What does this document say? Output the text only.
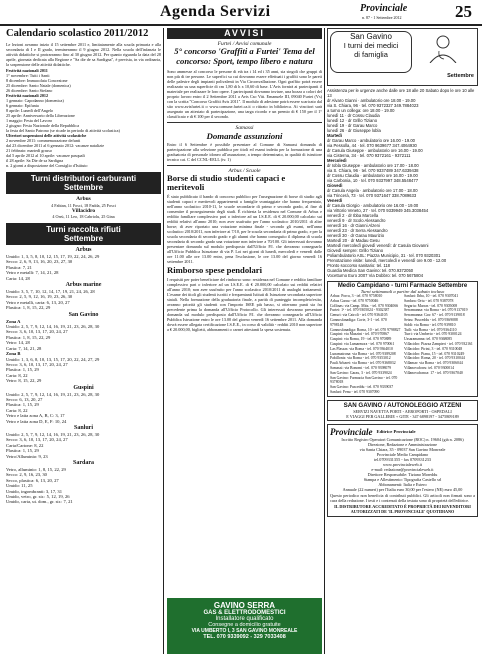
Agenda Servizi	Provinciale
n. 87 - 1 Settembre 2012	25
Calendario scolastico 2011/2012

Le lezioni avranno inizio il 15 settembre 2011 e, limitatamente alla scuola primaria e alla secondaria di I e II grado, termineranno il 9 giugno 2012. Nella scuola dell'infanzia le attività didattiche si protrarranno fino al 30 giugno 2012. Per quanto riguarda la data del 28 aprile, giornata dedicata alla Regione e "Sa die de sa Sardigna", è prevista, in via ordinaria, la sospensione delle attività didattiche.

Festività nazionali 2011
1° novembre: Tutti i Santi
8 dicembre: Immacolata Concezione
25 dicembre: Santo Natale (domenica)
26 dicembre: Santo Stefano
Festività nazionali 2012
1 gennaio: Capodanno (domenica)
6 gennaio: Epifania
8 aprile: Lunedì dell'Angelo
25 aprile: Anniversario della Liberazione
1 maggio: Festa del Lavoro
2 giugno: Festa Nazionale della Repubblica
la festa del Santo Patrono (se ricade in periodo di attività scolastica)
Ulteriori sospensioni delle attività scolastiche
2 novembre 2011: commemorazione defunti
dal 23 dicembre 2011 al 6 gennaio 2012: vacanze natalizie
21 febbraio: martedì grasso
dal 5 aprile 2012 al 10 aprile: vacanze pasquali
il 28 aprile: Sa Die de sa Sardigna
n. 2 giorni a disposizione del Consiglio d'Istituto
Turni distributori carburanti
Settembre
Arbus
4 Fabian, 11 Fosci, 18 Fadda, 25 Fosci
Villacidro
4 Orrù, 11 Leo, 18 Cabriolu, 25 Gina
Turni raccolta rifiuti
Settembre
Arbus
Umido: 1, 3, 5, 8, 10, 12, 15, 17, 19, 22, 24, 26, 29
Secco: 2, 6, 9, 13, 16, 20, 23, 27, 30
Plastica: 7, 21
Vetro e metalli: 7, 14, 21, 28
Carta: 14, 28
Arbus marine
Umido: 3, 5, 7, 10, 12, 14, 17, 19, 21, 24, 26, 28
Secco: 2, 5, 9, 12, 16, 19, 23, 26, 30
Vetro e metalli, carta: 6, 13, 20, 27
Plastica: 1, 8, 15, 22, 29
San Gavino
Zona A
Umido: 2, 5, 7, 9, 12, 14, 16, 19, 21, 23, 26, 28, 30
Secco: 3, 6, 10, 13, 17, 20, 24, 27
Plastica: 1, 8, 15, 22, 29
Vetro: 14, 28
Carta: 7, 14, 21, 28
Zona B
Umido: 1, 3, 6, 8, 10, 13, 15, 17, 20, 22, 24, 27, 29
Secco: 3, 6, 10, 13, 17, 20, 24, 27
Plastica: 1, 15, 29
Carta: 8, 22
Vetro: 8, 15, 22, 29
Guspini
Umido: 2, 5, 7, 9, 12, 14, 16, 19, 21, 23, 26, 28, 30
Secco: 6, 13, 20, 27
Plastica: 1, 15, 29
Carta: 8, 22
Vetro e latta zona A, B, C: 3, 17
Vetro e latta zona D, E, F: 10, 24
Sanluri
Umido: 2, 5, 7, 9, 12, 14, 16, 19, 21, 23, 26, 28, 30
Secco: 3, 6, 10, 13, 17, 20, 24, 27
Carta/Cartone: 8, 22
Plastica: 1, 15, 29
Vetro/Alluminio: 9, 23
Sardara
Vetro, alluminio: 1, 8, 15, 22, 29
Secco: 2, 9, 16, 23, 30
Secco, plastica: 6, 13, 20, 27
Umido: 11, 25
Umido, ingombranti: 3, 17, 31
Umido, vetro, gr. str.: 5, 12, 19, 26
Umido, carta, ut. dom., gr. str.: 7, 21
AVVISI
Furtei / Avvisi comunale
5° concorso 'Graffiti a Furtei' Tema del concorso: Sport, tempo libero e natura

Sono ammesse al concorso le persone di età tra i 14 ed i 35 anni, sia singoli che gruppi di non più di tre persone. Le superfici su cui dovranno essere effettuati i graffiti sono le pareti delle palestre degli impianti polivalenti in Via Circonvallazione. Ogni graffito potrà essere realizzato su una superficie di cm 1,80 di h x 10,60 di base. L'Avis fornirà ai partecipanti il materiale per realizzare le loro opere. I partecipanti dovranno inviare, una bozza a colori del proprio lavoro entro il 2 Settembre 2011 a Avis Cso Vitt. Emanuele III, 09040 Furtei (Vs) con la scritta "Concorso Graffiti Avis 2011". Il modulo di adesione potrà essere scaricato dal sito www.avisfurtei.it o www.comune.furtei.ca.it o ritirato in biblioteca. Ai vincitori sarà assegnato un attestato di partecipazione, una targa ricordo e un premio di € 150 per il 1° classificato e di € 100 per il secondo.

Samassi
Domande assunzioni

Entro il 6 Settembre è possibile presentare al Comune di Samassi domanda di partecipazione alla selezione pubblica per titoli ed esami indetta per la formazione di una graduatoria di personale idoneo all'assunzione, a tempo determinato, in qualità di istruttore tecnico cat. C del CCNL-EELL (tv. 1)

Arbus / Scuole
Borse di studio studenti capaci e meritevoli

È stato pubblicato il bando di concorso pubblico per l'assegnazione di borse di studio agli studenti capaci e meritevoli appartenenti a famiglie svantaggiate che hanno frequentato, nell'anno scolastico 2010-11, le scuole secondarie di primo e secondo grado, al fine di consentire il proseguimento degli studi. È richiesta la residenza nel Comune di Arbus e reddito familiare complessivo pari o inferiore ad un I.S.E.E. di € 20.000,00 calcolato sui redditi relativi all'anno 2010; non aver usufruito per l'anno scolastico 2010/2011 di altre borse; di aver riportato una votazione minima finale - secondo gli esami, nell'anno scolastico 2010/2011, non inferiore ai 7/10, per le scuola secondaria di primo grado, e per la scuola secondaria di secondo grado e gli alunni che hanno conseguito il diploma di scuola secondaria di secondo grado una votazione non inferiore a 70/100. Gli interessati dovranno presentare domanda sul modulo predisposto dall'Ufficio P.I. che dovranno consegnarlo all'Ufficio Pubblica Istruzione di via P. Loi nei giorni di lunedì, mercoledì e venerdì dalle ore 11.00 alle ore 13.00 entro, pena l'esclusione, le ore 13.00 del giorno venerdì 16 settembre 2011.

Rimborso spese pendolari

I requisiti per poter beneficiare del rimborso sono: residenza nel Comune e reddito familiare complessivo pari o inferiore ad un I.S.E.E. di € 20.000,00 calcolato sui redditi relativi all'anno 2010; non aver usufruito per l'anno scolastico 2010/2011 di analoghi trattamenti. L'esame dei titoli gli studenti iscritti e frequentanti Istituti di Istruzione secondaria superiore statali. Nella formazione della graduatoria finale, a parità di punteggio incompleto/esito, avranno priorità gli studenti con l'importo ISEE più basso, si otterrano punti sia fra precedente prima la domanda all'Ufficio Protocollo. Gli interessati dovranno presentare domanda sul modulo predisposto dall'Ufficio P.I. che dovranno consegnarlo all'Ufficio Pubblica Istruzione entro le ore 13.00 del giorno venerdì 16 settembre 2011. Alla domanda dovrà essere allegata certificazione I.S.E.E., in corso di validità - redditi 2010 non superiore a € 20.000,00, biglietti, abbonamenti o carnet attestanti la spesa sostenuta.

GAVINO SERRA
GAS & ELETTRODOMESTICI
Installatore qualificato
Consegne a domicilio gratuite
VIA UMBERTO I, 3 SAN GAVINO MONREALE
TEL. 070 9339092 - 329 7033408
San Gavino
I turni dei medici
di famiglia
Settembre

Assistenza per le urgenze anche dalle ore 18 alle 20 Sabato dopo le ore 10 alle 13

dr Alvaro Gianni · ambulatorio ore 18.00 - 19.00
via S. Chiara, 96 · tel. 070 9372327 349.7884023
a turno un collega: ore 18.00 - 19.00
lunedì 11 · dr Cossu Claudia
lunedì 12 · dr Grillo Tiziano
lunedì 19 · dr Garau Marco
lunedì 26 · dr Giuseppe lobla
Martedì
dr Garau Marco · ambulatorio ore 16.00 - 19.00
via Pessolla, 44 · tel. 070 9639677 347.4064930
dr Casula Giuseppe · ambulatorio ore 16.00 - 19.00
via Cisterna, 34 · tel. 070 9372161 - 9372111
Mercoledì
dr Iobla Giuseppe · ambulatorio ore 17.00 - 18.00
via S. Chiara, 96 · tel. 070 9337489 347.6339438
dr Cossu Claudia · ambulatorio ore 16.00 - 19.00
via Carbonia, 10 · tel. 070 9337997 348.5548477
Giovedì
dr Casula Angela · ambulatorio ore 17.00 - 18.00
via Trincerà, 73 · tel. 070 9371647 338.7089633
Venerdì
dr Casula Giorgio · ambulatorio ore 16.00 - 19.00
via Vittorio Veneto, 27 · tel. 070 9339949 345.3038454
venerdì 2 · dr Ibba Marcella
venerdì 9 · dr Scolo Alessandro
venerdì 16 · dr Gianni Alzeni
venerdì 23 · dr Serra Alessandro
venerdì 30 · dr Garau Maurizio
Martedì 20 · dr Madau Gesu
Martedì mercoledì giovedì venerdì: dr Casula Giovanni
Giovedì sempre: Grillo Tiziano
Poliambulatorio ASL: Piazza Municipio, 31 · tel. 070 9320301
Prenotazione visite: lunedì, mercoledì e venerdì ore 9.00 - 12.00
Pronto soccorso sanitario: tel. 118
Guardia Medica San Gavino: tel. 070.9372050
Vocetturno Euro 2007 Via Dobbro: tel. 070 5675804
Medio Campidano - turni Farmacie Settembre
Turni settimanali a partire dal sabato incluso
Arbus: Porru, 3 - tel. 070 9758010
Arbus Garau - tel. 070 9750046
Collinas: via Camp. Mitz. - tel. 070 9304066
Furtei: 1ª - tel. 070 9305024 - 9302387
Genuri: via Cairoli - tel. 070 9364105
Gonnosfanadiga: Corte, 3-1 - tel. 070 9798148
Gonnosfanadiga: Roma, 10 - tel. 070 9798827
Guspini: via Mazzini - tel. 070 970867
Guspini: via Roma, 19 - tel. 070 970889
Guspini: via Lamarmora - tel. 070 970061
Las Plassas: via Roma - tel. 070 9364010
Lunamatrona: via Roma - tel. 070 9389208
Pabillonis: via Roma - tel. 070 9353012
Pauli Arbarei: via Roma - tel. 070 9368032
Samassi: via Bonomi - tel. 070 9398079
San Gavino: Garau, 3 - tel. 070 9339024
San Gavino: Farmacia San Gavino - tel. 070 9378018
San Gavino: Pusceddu - tel. 070 9339037
Sanluri: Fenu - tel. 070 9307090
Sanluri: Ibba, 10 - tel. 070 9307041
Sardara: Ortu - tel. 070 9387078
Segariu: Marras - tel. 070 9305008
Serramanna: via Roma - tel. 070 9137019
Serramanna: Gav. 67 - tel. 070 9139018
Setzu: Pusceddu - tel. 070 9369088
Siddi: via Roma - tel. 070 939810
Tuili: via Roma - tel. 070 9364110
Turri: via Umberto - tel. 070 9300124
Ussaramanna: tel. 070 9368085
Villacidro: Piazza Zampieri - tel. 070 932161
Villacidro: Pirini, 3 - tel. 070 9310048
Villacidro: Pianu, 15 - tel. 070 9310249
Villacidro: Roma, 20 - tel. 070 9310044
Villamar: via Roma - tel. 070 9306044
Villanovaforru: tel. 070 9300014
Villanovafranca: 17 - tel. 070 9367040
SAN GAVINO / AUTONOLEGGIO ATZENI
SERVIZI NAVETTA PORTI - AEROPORTI - OSPEDALI
E VIAGGI PER GALLERIE + GITE - 347 6898197 - 3475809189
Provinciale Editrice Provinciale

Iscritto Registro Operatori Comunicazione (ROC) n. 19604 (già n. 2086)

Direzione, Redazione e Amministrazione
via Santa Chiara, 35 - 09037 San Gavino Monreale
Provinciale Medio Campidano
tel.0709331355 - fax 0709331233
www.provincialeweb.it
e-mail: redazione@provincialeweb.it
Direttore Responsabile: Tiziano Moreddu
Stampa e Allestimento: Tipografia Castello srl
Abbonamenti: Italia e Estero
Annuale (22 numeri) per l'Italia euro 30,00 per l'estero (NE) euro 45,00

Questo periodico non beneficia di contributi pubblici. Gli articoli non firmati sono a cura della redazione. I testi e i contenuti della testata sono di proprietà dell'editrice.

IL DISTRIBUTORE ACCREDITATO È PROPRIETÀ DEI RIVENDITORI AUTORIZZATI DE 'IL PROVINCIALE' QUOTIDIANO
